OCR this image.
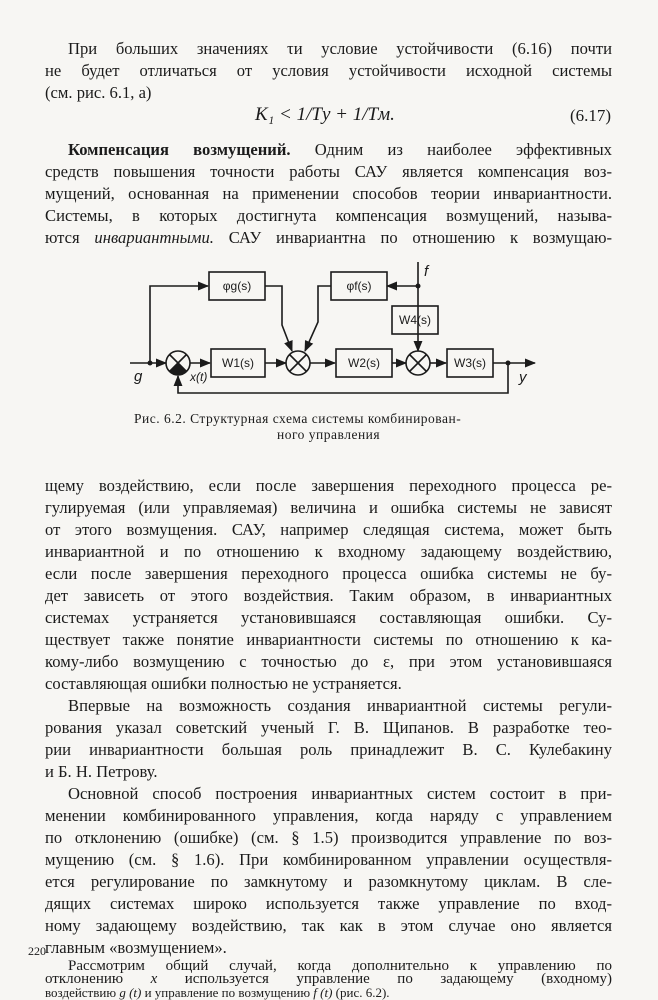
При больших значениях τи условие устойчивости (6.16) почти
не будет отличаться от условия устойчивости исходной системы
(см. рис. 6.1, а)
K₁ < 1/Tу + 1/Tм.	(6.17)
Компенсация возмущений. Одним из наиболее эффективных
средств повышения точности работы САУ является компенсация воз-
мущений, основанная на применении способов теории инвариантности.
Системы, в которых достигнута компенсация возмущений, называ-
ются инвариантными. САУ инвариантна по отношению к возмущаю-
φg(s)	φf(s)
W4(s)
W1(s)	W2(s)	W3(s)
g	x(t)
f
y
Рис. 6.2. Структурная схема системы комбинирован-
ного управления
щему воздействию, если после завершения переходного процесса ре-
гулируемая (или управляемая) величина и ошибка системы не зависят
от этого возмущения. САУ, например следящая система, может быть
инвариантной и по отношению к входному задающему воздействию,
если после завершения переходного процесса ошибка системы не бу-
дет зависеть от этого воздействия. Таким образом, в инвариантных
системах устраняется установившаяся составляющая ошибки. Су-
ществует также понятие инвариантности системы по отношению к ка-
кому-либо возмущению с точностью до ε, при этом установившаяся
составляющая ошибки полностью не устраняется.
Впервые на возможность создания инвариантной системы регули-
рования указал советский ученый Г. В. Щипанов. В разработке тео-
рии инвариантности большая роль принадлежит В. С. Кулебакину
и Б. Н. Петрову.
Основной способ построения инвариантных систем состоит в при-
менении комбинированного управления, когда наряду с управлением
по отклонению (ошибке) (см. § 1.5) производится управление по воз-
мущению (см. § 1.6). При комбинированном управлении осуществля-
ется регулирование по замкнутому и разомкнутому циклам. В сле-
дящих системах широко используется также управление по вход-
ному задающему воздействию, так как в этом случае оно является
главным «возмущением».
Рассмотрим общий случай, когда дополнительно к управлению по
отклонению x используется управление по задающему (входному)
воздействию g (t) и управление по возмущению f (t) (рис. 6.2).
220
